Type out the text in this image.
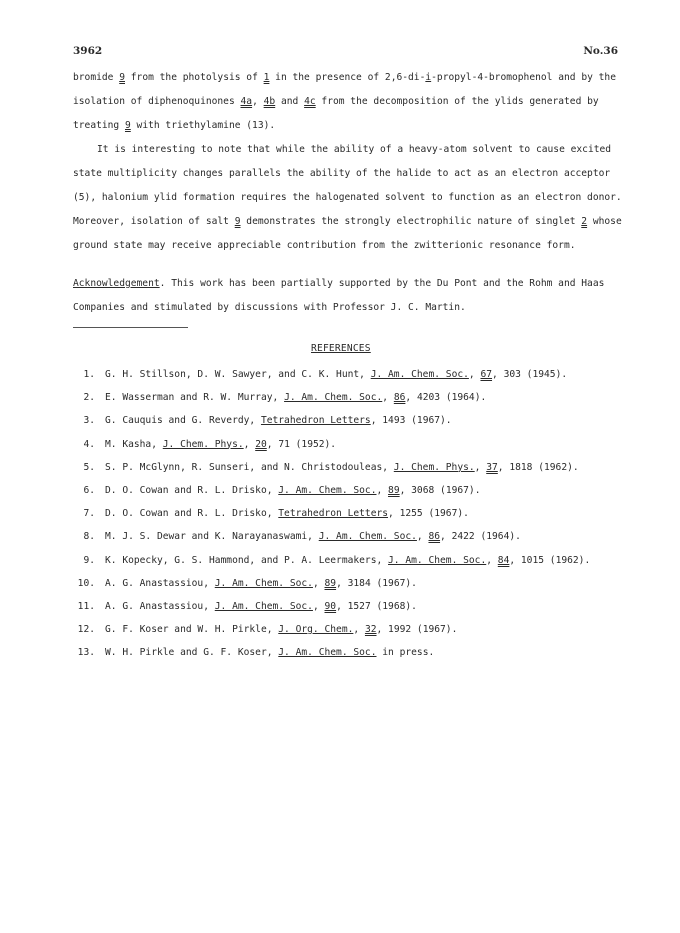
3962	No.36
bromide 9 from the photolysis of 1 in the presence of 2,6-di-i-propyl-4-bromophenol and by the
isolation of diphenoquinones 4a, 4b and 4c from the decomposition of the ylids generated by
treating 9 with triethylamine (13).
It is interesting to note that while the ability of a heavy-atom solvent to cause excited
state multiplicity changes parallels the ability of the halide to act as an electron acceptor
(5), halonium ylid formation requires the halogenated solvent to function as an electron donor.
Moreover, isolation of salt 9 demonstrates the strongly electrophilic nature of singlet 2 whose
ground state may receive appreciable contribution from the zwitterionic resonance form.
Acknowledgement. This work has been partially supported by the Du Pont and the Rohm and Haas
Companies and stimulated by discussions with Professor J. C. Martin.
REFERENCES
1. G. H. Stillson, D. W. Sawyer, and C. K. Hunt, J. Am. Chem. Soc., 67, 303 (1945).
2. E. Wasserman and R. W. Murray, J. Am. Chem. Soc., 86, 4203 (1964).
3. G. Cauquis and G. Reverdy, Tetrahedron Letters, 1493 (1967).
4. M. Kasha, J. Chem. Phys., 20, 71 (1952).
5. S. P. McGlynn, R. Sunseri, and N. Christodouleas, J. Chem. Phys., 37, 1818 (1962).
6. D. O. Cowan and R. L. Drisko, J. Am. Chem. Soc., 89, 3068 (1967).
7. D. O. Cowan and R. L. Drisko, Tetrahedron Letters, 1255 (1967).
8. M. J. S. Dewar and K. Narayanaswami, J. Am. Chem. Soc., 86, 2422 (1964).
9. K. Kopecky, G. S. Hammond, and P. A. Leermakers, J. Am. Chem. Soc., 84, 1015 (1962).
10. A. G. Anastassiou, J. Am. Chem. Soc., 89, 3184 (1967).
11. A. G. Anastassiou, J. Am. Chem. Soc., 90, 1527 (1968).
12. G. F. Koser and W. H. Pirkle, J. Org. Chem., 32, 1992 (1967).
13. W. H. Pirkle and G. F. Koser, J. Am. Chem. Soc. in press.
